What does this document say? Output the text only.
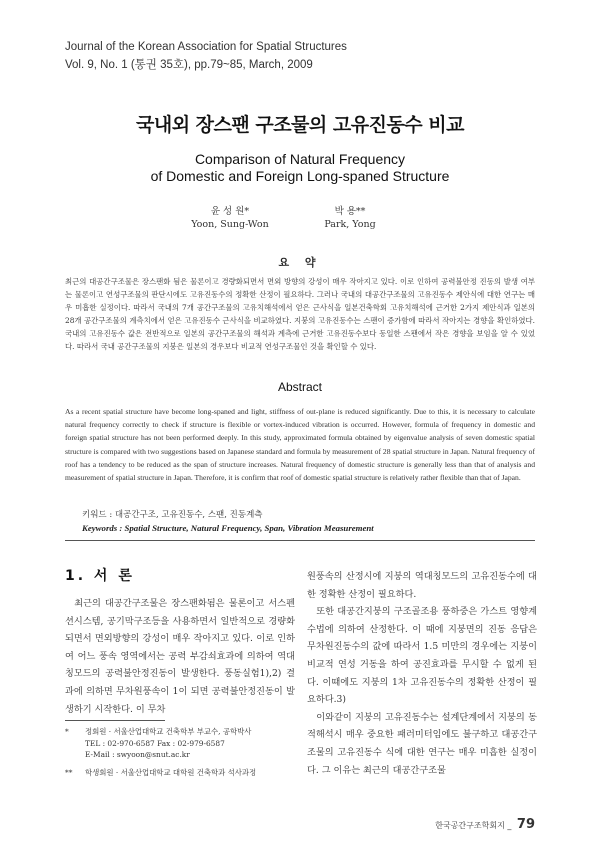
Journal of the Korean Association for Spatial Structures
Vol. 9, No. 1 (통권 35호), pp.79~85, March, 2009
국내외 장스팬 구조물의 고유진동수 비교
Comparison of Natural Frequency
of Domestic and Foreign Long-spaned Structure
윤 성 원*
Yoon, Sung-Won
박 용**
Park, Yong
요 약
최근의 대공간구조물은 장스팬화 됨은 물론이고 경량화되면서 면외 방향의 강성이 매우 작아지고 있다. 이로 인하여 공력불안정 진동의 발생 여부는 물론이고 연성구조물의 판단시에도 고유진동수의 정확한 산정이 필요하다. 그러나 국내의 대공간구조물의 고유진동수 제안식에 대한 연구는 매우 미흡한 실정이다. 따라서 국내의 7개 공간구조물의 고유치해석에서 얻은 근사식을 일본건축학회 고유치해석에 근거한 2가지 제안식과 일본의 28개 공간구조물의 계측치에서 얻은 고유진동수 근사식을 비교하였다. 지붕의 고유진동수는 스팬이 증가함에 따라서 작아지는 경향을 확인하였다. 국내의 고유진동수 값은 전반적으로 일본의 공간구조물의 해석과 계측에 근거한 고유진동수보다 동일한 스팬에서 작은 경향을 보임을 알 수 있었다. 따라서 국내 공간구조물의 지붕은 일본의 경우보다 비교적 연성구조물인 것을 확인할 수 있다.
Abstract
As a recent spatial structure have become long-spaned and light, stiffness of out-plane is reduced significantly. Due to this, it is necessary to calculate natural frequency correctly to check if structure is flexible or vortex-induced vibration is occurred. However, formula of frequency in domestic and foreign spatial structure has not been performed deeply. In this study, approximated formula obtained by eigenvalue analysis of seven domestic spatial structure is compared with two suggestions based on Japanese standard and formula by measurement of 28 spatial structure in Japan. Natural frequency of roof has a tendency to be reduced as the span of structure increases. Natural frequency of domestic structure is generally less than that of analysis and measurement of spatial structure in Japan. Therefore, it is confirm that roof of domestic spatial structure is relatively rather flexible than that of Japan.
키워드 : 대공간구조, 고유진동수, 스팬, 진동계측
Keywords : Spatial Structure, Natural Frequency, Span, Vibration Measurement
1. 서 론

최근의 대공간구조물은 장스팬화됨은 물론이고 서스펜션시스템, 공기막구조등을 사용하면서 일반적으로 경량화되면서 면외방향의 강성이 매우 작아지고 있다. 이로 인하여 어느 풍속 영역에서는 공력 부감쇠효과에 의하여 역대칭모드의 공력불안정진동이 발생한다. 풍동실험1),2) 결과에 의하면 무차원풍속이 1이 되면 공력불안정진동이 발생하기 시작한다. 이 무차

원풍속의 산정시에 지붕의 역대칭모드의 고유진동수에 대한 정확한 산정이 필요하다.

또한 대공간지붕의 구조골조용 풍하중은 가스트 영향계수법에 의하여 산정한다. 이 때에 지붕면의 진동 응답은 무차원진동수의 값에 따라서 1.5 미만의 경우에는 지붕이 비교적 연성 거동을 하여 공진효과를 무시할 수 없게 된다. 이때에도 지붕의 1차 고유진동수의 정확한 산정이 필요하다.3)

이와같이 지붕의 고유진동수는 설계단계에서 지붕의 동적해석시 매우 중요한 패러미터임에도 불구하고 대공간구조물의 고유진동수 식에 대한 연구는 매우 미흡한 실정이다. 그 이유는 최근의 대공간구조물

*	정회원 · 서울산업대학교 건축학부 부교수, 공학박사
TEL : 02-970-6587 Fax : 02-979-6587
E-Mail : swyoon@snut.ac.kr
**	학생회원 · 서울산업대학교 대학원 건축학과 석사과정
한국공간구조학회지 _ 79
